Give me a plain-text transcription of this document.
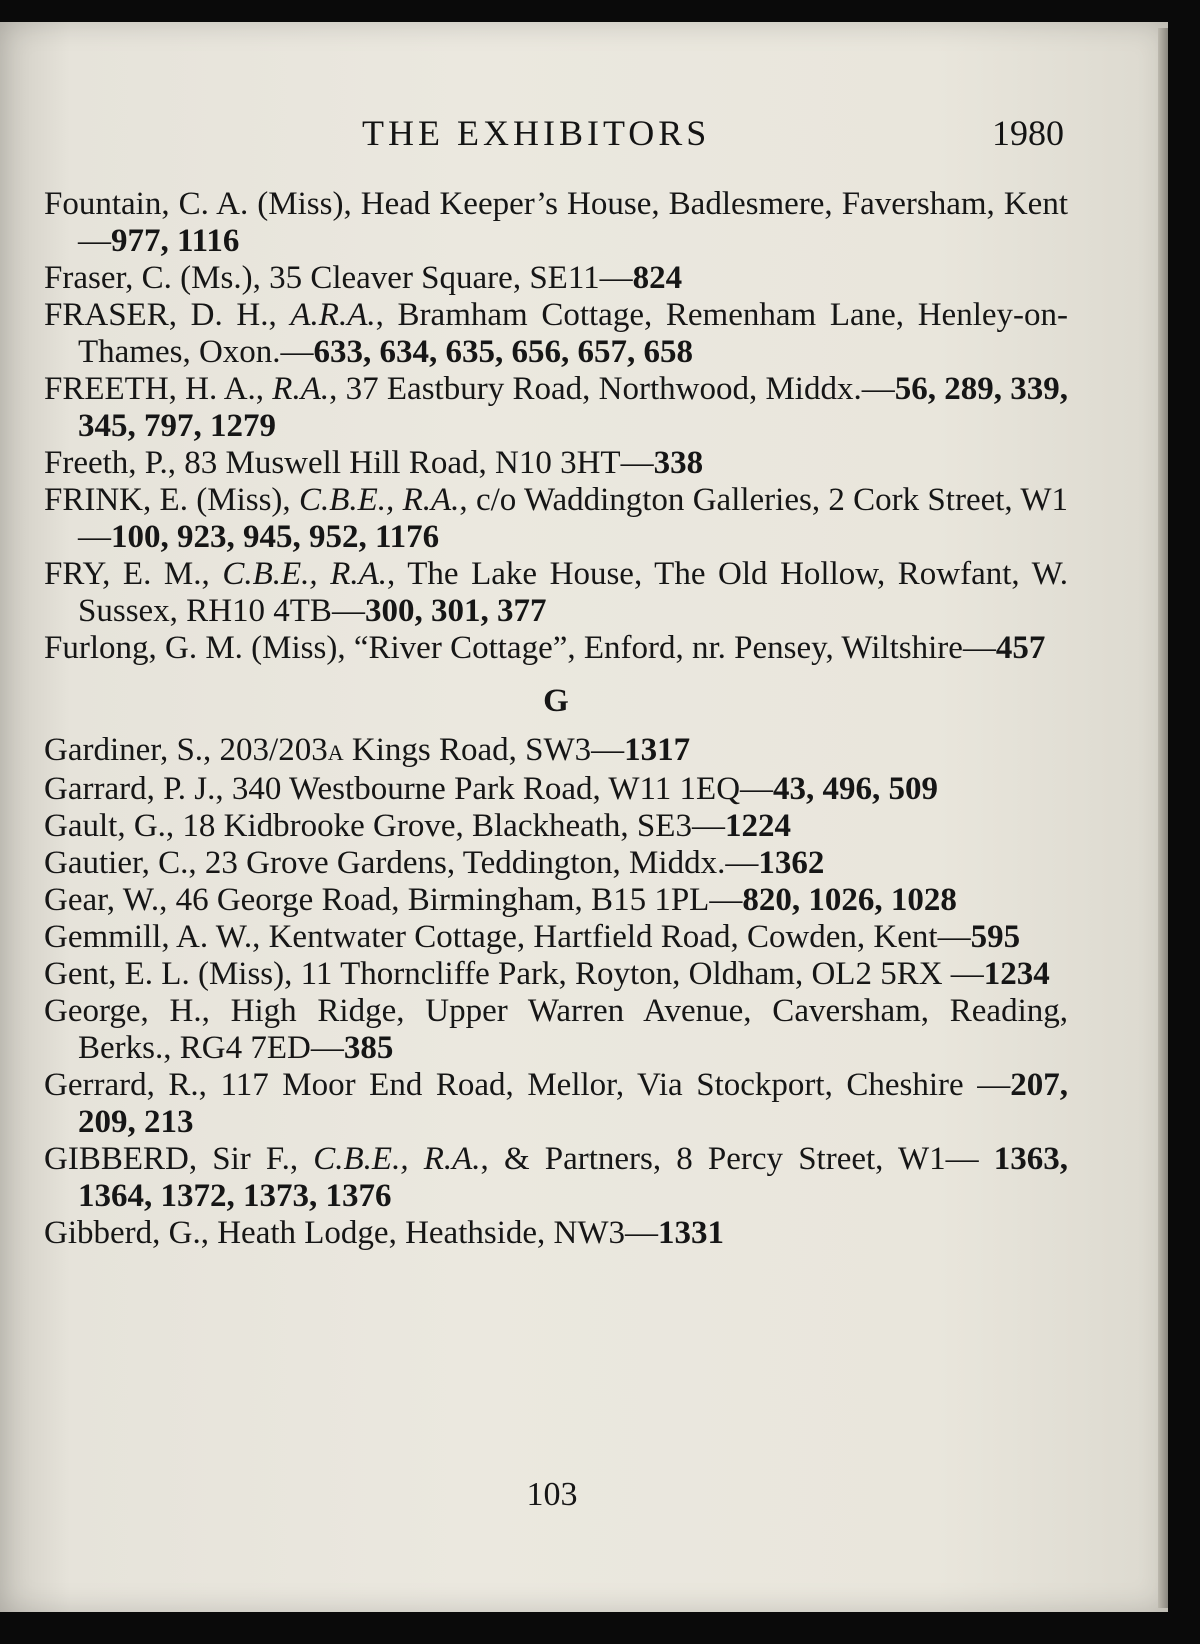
THE EXHIBITORS	1980

Fountain, C. A. (Miss), Head Keeper’s House, Badlesmere, Faversham, Kent—977, 1116

Fraser, C. (Ms.), 35 Cleaver Square, SE11—824

FRASER, D. H., A.R.A., Bramham Cottage, Remenham Lane, Henley-on-Thames, Oxon.—633, 634, 635, 656, 657, 658

FREETH, H. A., R.A., 37 Eastbury Road, Northwood, Middx.—56, 289, 339, 345, 797, 1279

Freeth, P., 83 Muswell Hill Road, N10 3HT—338

FRINK, E. (Miss), C.B.E., R.A., c/o Waddington Galleries, 2 Cork Street, W1—100, 923, 945, 952, 1176

FRY, E. M., C.B.E., R.A., The Lake House, The Old Hollow, Rowfant, W. Sussex, RH10 4TB—300, 301, 377

Furlong, G. M. (Miss), “River Cottage”, Enford, nr. Pensey, Wiltshire—457

G

Gardiner, S., 203/203A Kings Road, SW3—1317

Garrard, P. J., 340 Westbourne Park Road, W11 1EQ—43, 496, 509

Gault, G., 18 Kidbrooke Grove, Blackheath, SE3—1224

Gautier, C., 23 Grove Gardens, Teddington, Middx.—1362

Gear, W., 46 George Road, Birmingham, B15 1PL—820, 1026, 1028

Gemmill, A. W., Kentwater Cottage, Hartfield Road, Cowden, Kent—595

Gent, E. L. (Miss), 11 Thorncliffe Park, Royton, Oldham, OL2 5RX —1234

George, H., High Ridge, Upper Warren Avenue, Caversham, Reading, Berks., RG4 7ED—385

Gerrard, R., 117 Moor End Road, Mellor, Via Stockport, Cheshire —207, 209, 213

GIBBERD, Sir F., C.B.E., R.A., & Partners, 8 Percy Street, W1— 1363, 1364, 1372, 1373, 1376

Gibberd, G., Heath Lodge, Heathside, NW3—1331

103
